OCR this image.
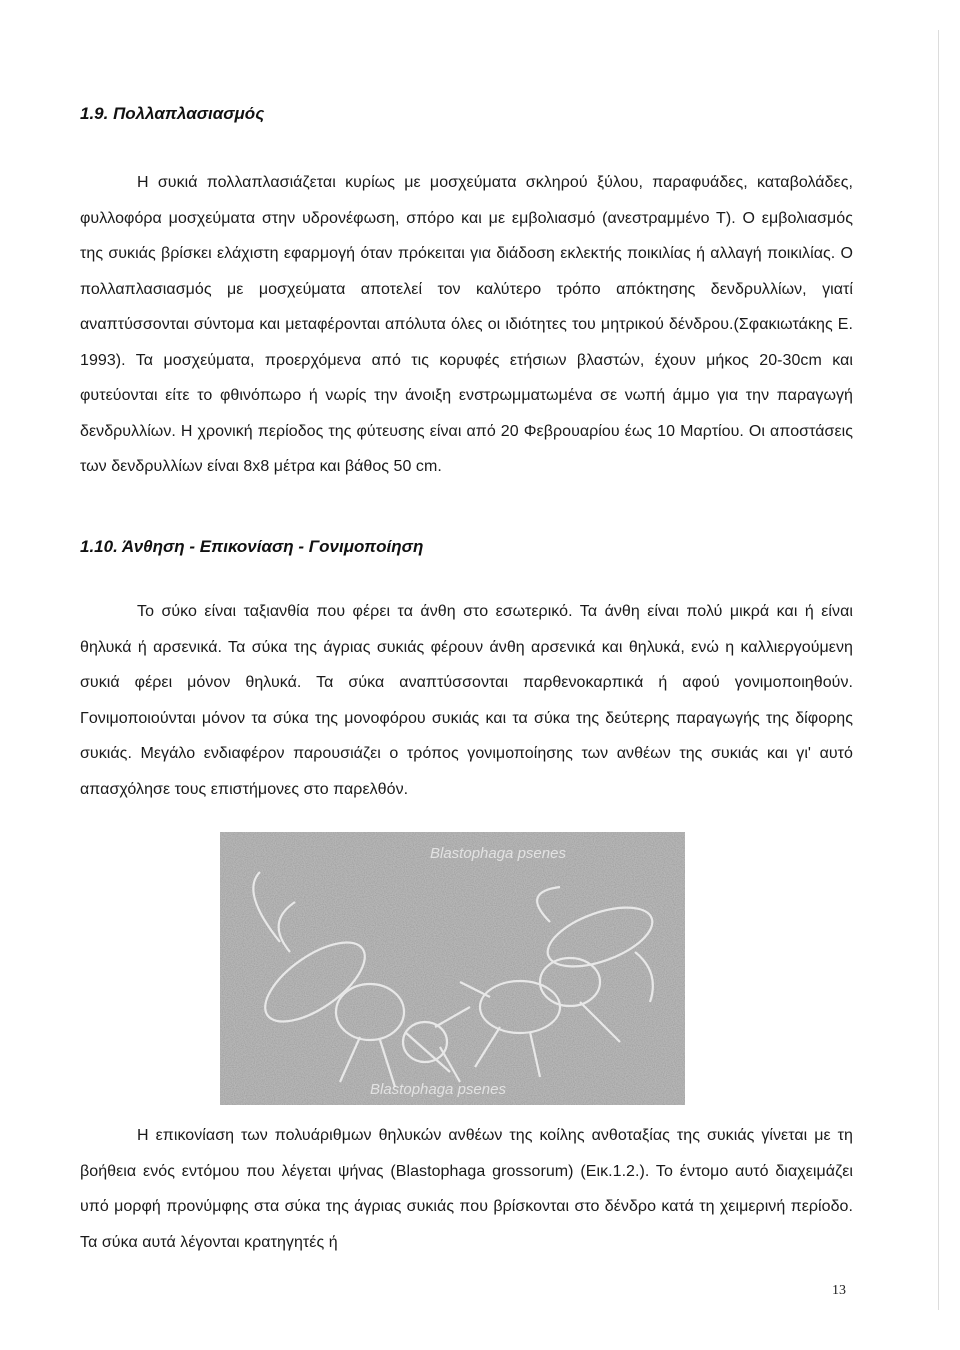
1.9. Πολλαπλασιασμός

Η συκιά πολλαπλασιάζεται κυρίως με μοσχεύματα σκληρού ξύλου, παραφυάδες, καταβολάδες, φυλλοφόρα μοσχεύματα στην υδρονέφωση, σπόρο και με εμβολιασμό (ανεστραμμένο Τ). Ο εμβολιασμός της συκιάς βρίσκει ελάχιστη εφαρμογή όταν πρόκειται για διάδοση εκλεκτής ποικιλίας ή αλλαγή ποικιλίας. Ο πολλαπλασιασμός με μοσχεύματα αποτελεί τον καλύτερο τρόπο απόκτησης δενδρυλλίων, γιατί αναπτύσσονται σύντομα και μεταφέρονται απόλυτα όλες οι ιδιότητες του μητρικού δένδρου.(Σφακιωτάκης Ε. 1993). Τα μοσχεύματα, προερχόμενα από τις κορυφές ετήσιων βλαστών, έχουν μήκος 20-30cm και φυτεύονται είτε το φθινόπωρο ή νωρίς την άνοιξη ενστρωμματωμένα σε νωπή άμμο για την παραγωγή δενδρυλλίων. Η χρονική περίοδος της φύτευσης είναι από 20 Φεβρουαρίου έως 10 Μαρτίου. Οι αποστάσεις των δενδρυλλίων είναι 8x8 μέτρα και βάθος 50 cm.

1.10. Άνθηση - Επικονίαση - Γονιμοποίηση

Το σύκο είναι ταξιανθία που φέρει τα άνθη στο εσωτερικό. Τα άνθη είναι πολύ μικρά και ή είναι θηλυκά ή αρσενικά. Τα σύκα της άγριας συκιάς φέρουν άνθη αρσενικά και θηλυκά, ενώ η καλλιεργούμενη συκιά φέρει μόνον θηλυκά. Τα σύκα αναπτύσσονται παρθενοκαρπικά ή αφού γονιμοποιηθούν. Γονιμοποιούνται μόνον τα σύκα της μονοφόρου συκιάς και τα σύκα της δεύτερης παραγωγής της δίφορης συκιάς. Μεγάλο ενδιαφέρον παρουσιάζει ο τρόπος γονιμοποίησης των ανθέων της συκιάς και γι' αυτό απασχόλησε τους επιστήμονες στο παρελθόν.

Blastophaga psenes
Blastophaga psenes

Η επικονίαση των πολυάριθμων θηλυκών ανθέων της κοίλης ανθοταξίας της συκιάς γίνεται με τη βοήθεια ενός εντόμου που λέγεται ψήνας (Blastophaga grossorum) (Εικ.1.2.). Το έντομο αυτό διαχειμάζει υπό μορφή προνύμφης στα σύκα της άγριας συκιάς που βρίσκονται στο δένδρο κατά τη χειμερινή περίοδο. Τα σύκα αυτά λέγονται κρατηγητές ή

13
